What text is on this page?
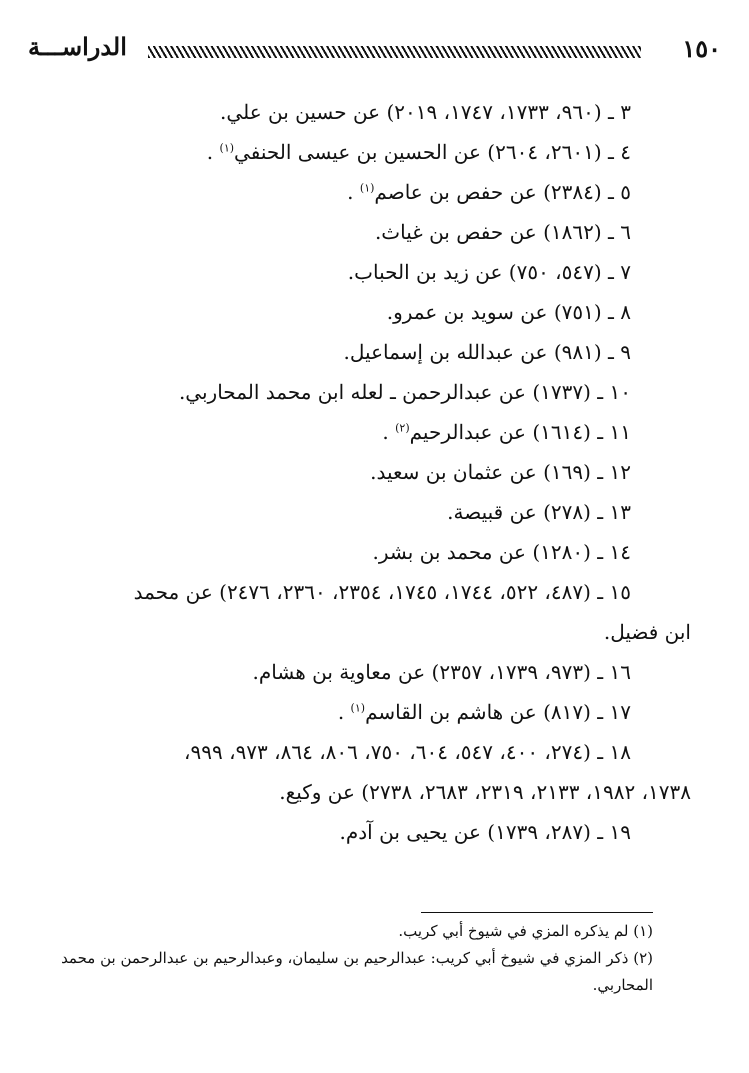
١٥٠
الدراســـة
٣ ـ (٩٦٠، ١٧٣٣، ١٧٤٧، ٢٠١٩) عن حسين بن علي.
٤ ـ (٢٦٠١، ٢٦٠٤) عن الحسين بن عيسى الحنفي$^{(١)}$ .
٥ ـ (٢٣٨٤) عن حفص بن عاصم$^{(١)}$ .
٦ ـ (١٨٦٢) عن حفص بن غياث.
٧ ـ (٥٤٧، ٧٥٠) عن زيد بن الحباب.
٨ ـ (٧٥١) عن سويد بن عمرو.
٩ ـ (٩٨١) عن عبدالله بن إسماعيل.
١٠ ـ (١٧٣٧) عن عبدالرحمن ـ لعله ابن محمد المحاربي.
١١ ـ (١٦١٤) عن عبدالرحيم$^{(٢)}$ .
١٢ ـ (١٦٩) عن عثمان بن سعيد.
١٣ ـ (٢٧٨) عن قبيصة.
١٤ ـ (١٢٨٠) عن محمد بن بشر.
١٥ ـ (٤٨٧، ٥٢٢، ١٧٤٤، ١٧٤٥، ٢٣٥٤، ٢٣٦٠، ٢٤٧٦) عن محمد
ابن فضيل.
١٦ ـ (٩٧٣، ١٧٣٩، ٢٣٥٧) عن معاوية بن هشام.
١٧ ـ (٨١٧) عن هاشم بن القاسم$^{(١)}$ .
١٨ ـ (٢٧٤، ٤٠٠، ٥٤٧، ٦٠٤، ٧٥٠، ٨٠٦، ٨٦٤، ٩٧٣، ٩٩٩،
١٧٣٨، ١٩٨٢، ٢١٣٣، ٢٣١٩، ٢٦٨٣، ٢٧٣٨) عن وكيع.
١٩ ـ (٢٨٧، ١٧٣٩) عن يحيى بن آدم.
(١) لم يذكره المزي في شيوخ أبي كريب.
(٢) ذكر المزي في شيوخ أبي كريب: عبدالرحيم بن سليمان، وعبدالرحيم بن عبدالرحمن بن محمد المحاربي.
